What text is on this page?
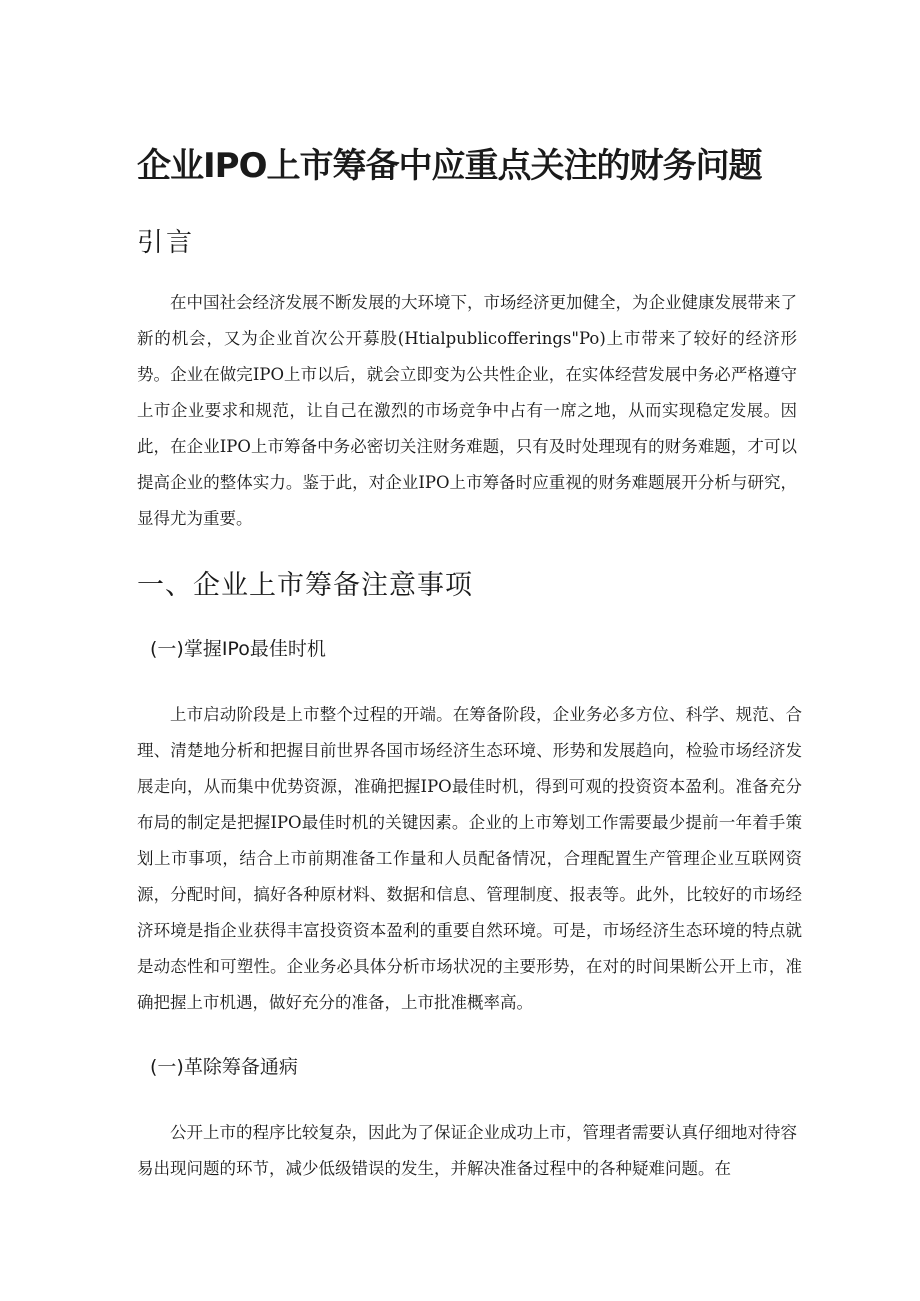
企业IPO上市筹备中应重点关注的财务问题
引言

在中国社会经济发展不断发展的大环境下，市场经济更加健全，为企业健康发展带来了新的机会，又为企业首次公开募股(Htialpublicofferings"Po)上市带来了较好的经济形势。企业在做完IPO上市以后，就会立即变为公共性企业，在实体经营发展中务必严格遵守上市企业要求和规范，让自己在激烈的市场竞争中占有一席之地，从而实现稳定发展。因此，在企业IPO上市筹备中务必密切关注财务难题，只有及时处理现有的财务难题，才可以提高企业的整体实力。鉴于此，对企业IPO上市筹备时应重视的财务难题展开分析与研究，显得尤为重要。

一、企业上市筹备注意事项
(一)掌握IPo最佳时机

上市启动阶段是上市整个过程的开端。在筹备阶段，企业务必多方位、科学、规范、合理、清楚地分析和把握目前世界各国市场经济生态环境、形势和发展趋向，检验市场经济发展走向，从而集中优势资源，准确把握IPO最佳时机，得到可观的投资资本盈利。准备充分布局的制定是把握IPO最佳时机的关键因素。企业的上市筹划工作需要最少提前一年着手策划上市事项，结合上市前期准备工作量和人员配备情况，合理配置生产管理企业互联网资源，分配时间，搞好各种原材料、数据和信息、管理制度、报表等。此外，比较好的市场经济环境是指企业获得丰富投资资本盈利的重要自然环境。可是，市场经济生态环境的特点就是动态性和可塑性。企业务必具体分析市场状况的主要形势，在对的时间果断公开上市，准确把握上市机遇，做好充分的准备，上市批准概率高。

(一)革除筹备通病

公开上市的程序比较复杂，因此为了保证企业成功上市，管理者需要认真仔细地对待容易出现问题的环节，减少低级错误的发生，并解决准备过程中的各种疑难问题。在
